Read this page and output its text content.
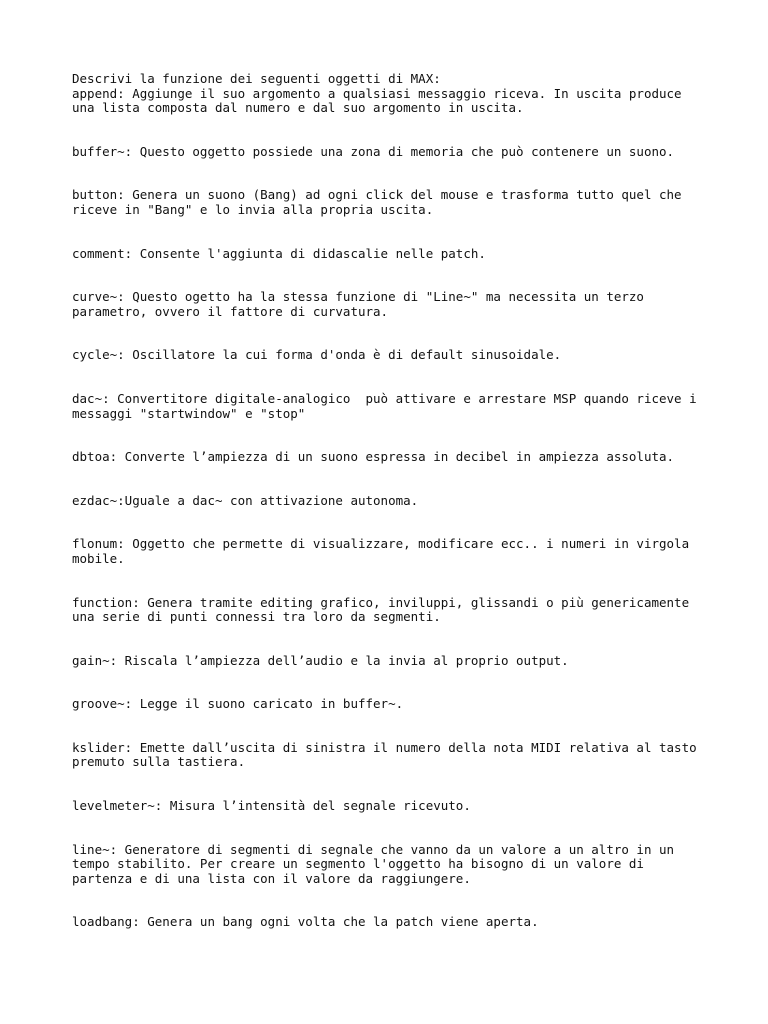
Descrivi la funzione dei seguenti oggetti di MAX:

append: Aggiunge il suo argomento a qualsiasi messaggio riceva. In uscita produce
una lista composta dal numero e dal suo argomento in uscita.

buffer~: Questo oggetto possiede una zona di memoria che può contenere un suono.

button: Genera un suono (Bang) ad ogni click del mouse e trasforma tutto quel che
riceve in "Bang" e lo invia alla propria uscita.

comment: Consente l'aggiunta di didascalie nelle patch.

curve~: Questo ogetto ha la stessa funzione di "Line~" ma necessita un terzo
parametro, ovvero il fattore di curvatura.

cycle~: Oscillatore la cui forma d'onda è di default sinusoidale.

dac~: Convertitore digitale-analogico  può attivare e arrestare MSP quando riceve i
messaggi "startwindow" e "stop"

dbtoa: Converte l’ampiezza di un suono espressa in decibel in ampiezza assoluta.

ezdac~:Uguale a dac~ con attivazione autonoma.

flonum: Oggetto che permette di visualizzare, modificare ecc.. i numeri in virgola
mobile.

function: Genera tramite editing grafico, inviluppi, glissandi o più genericamente
una serie di punti connessi tra loro da segmenti.

gain~: Riscala l’ampiezza dell’audio e la invia al proprio output.

groove~: Legge il suono caricato in buffer~.

kslider: Emette dall’uscita di sinistra il numero della nota MIDI relativa al tasto
premuto sulla tastiera.

levelmeter~: Misura l’intensità del segnale ricevuto.

line~: Generatore di segmenti di segnale che vanno da un valore a un altro in un
tempo stabilito. Per creare un segmento l'oggetto ha bisogno di un valore di
partenza e di una lista con il valore da raggiungere.

loadbang: Genera un bang ogni volta che la patch viene aperta.
